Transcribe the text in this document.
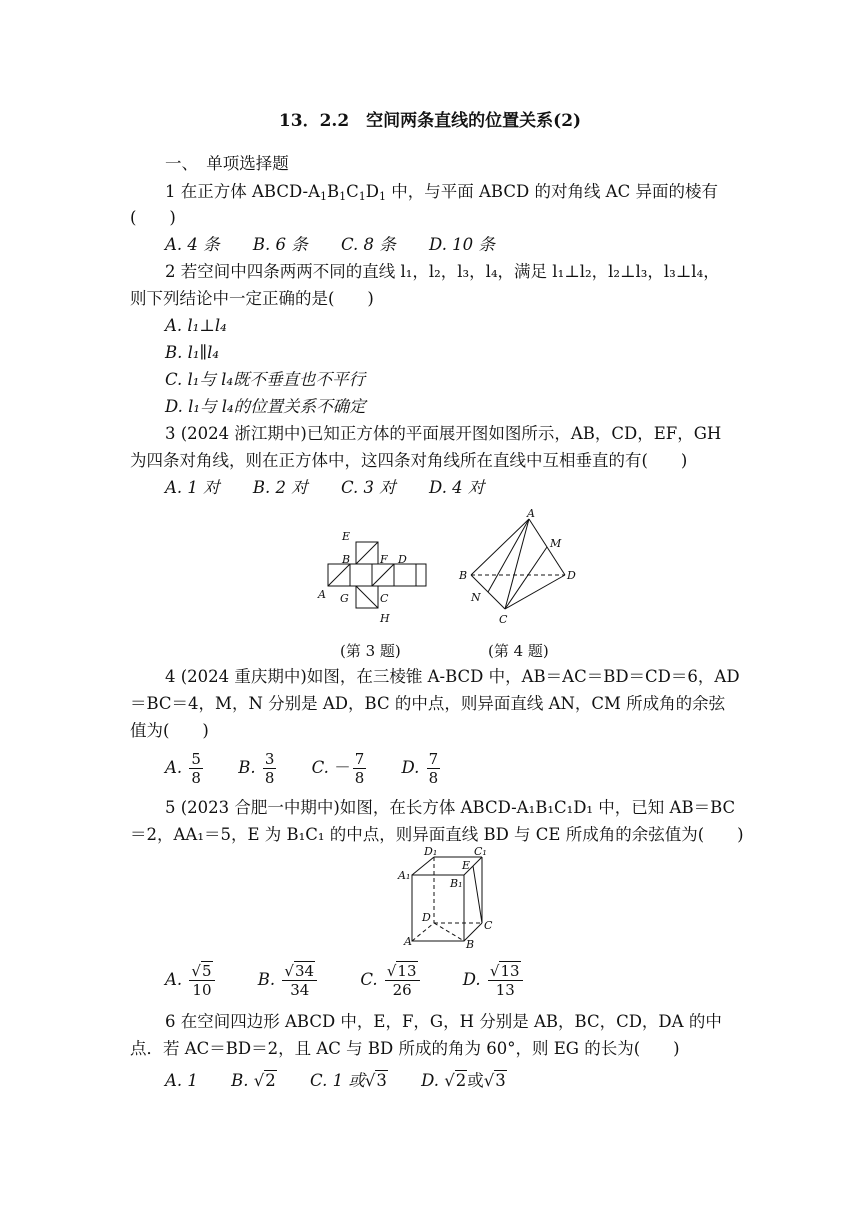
13．2.2　空间两条直线的位置关系(2)
一、　单项选择题
1 在正方体 ABCD-$A_1B_1C_1D_1$ 中，与平面 ABCD 的对角线 AC 异面的棱有
(　　)
A. 4 条 B. 6 条 C. 8 条 D. 10 条
2 若空间中四条两两不同的直线 l₁，l₂，l₃，l₄，满足 l₁⊥l₂，l₂⊥l₃，l₃⊥l₄，
则下列结论中一定正确的是(　　)
A. l₁⊥l₄
B. l₁∥l₄
C. l₁与 l₄既不垂直也不平行
D. l₁与 l₄的位置关系不确定
3 (2024 浙江期中)已知正方体的平面展开图如图所示，AB，CD，EF，GH
为四条对角线，则在正方体中，这四条对角线所在直线中互相垂直的有(　　)
A. 1 对 B. 2 对 C. 3 对 D. 4 对
E
B	F D
A G	C
H
A
M
B	D
N
C
(第 3 题)	(第 4 题)
4 (2024 重庆期中)如图，在三棱锥 A-BCD 中，AB＝AC＝BD＝CD＝6，AD
＝BC＝4，M，N 分别是 AD，BC 的中点，则异面直线 AN，CM 所成角的余弦
值为(　　)
A. $\frac{5}{8} B$. $\frac{3}{8} C$. － $\frac{7}{8} D$. $\frac{7}{8}$
5 (2023 合肥一中期中)如图，在长方体 ABCD-A₁B₁C₁D₁ 中，已知 AB＝BC
＝2，AA₁＝5，E 为 B₁C₁ 的中点，则异面直线 BD 与 CE 所成角的余弦值为(　　)
D₁	C₁
E
A₁
B₁
D
C
A	B
A. $\frac{√5}{10}$	B. $\frac{√34}{34}$	C. $\frac{√13}{26}$	D. $\frac{√13}{13}$
6 在空间四边形 ABCD 中，E，F，G，H 分别是 AB，BC，CD，DA 的中
点．若 AC＝BD＝2，且 AC 与 BD 所成的角为 60°，则 EG 的长为(　　)
A. 1 B. √2 C. 1 或√3 D. √2或√3
